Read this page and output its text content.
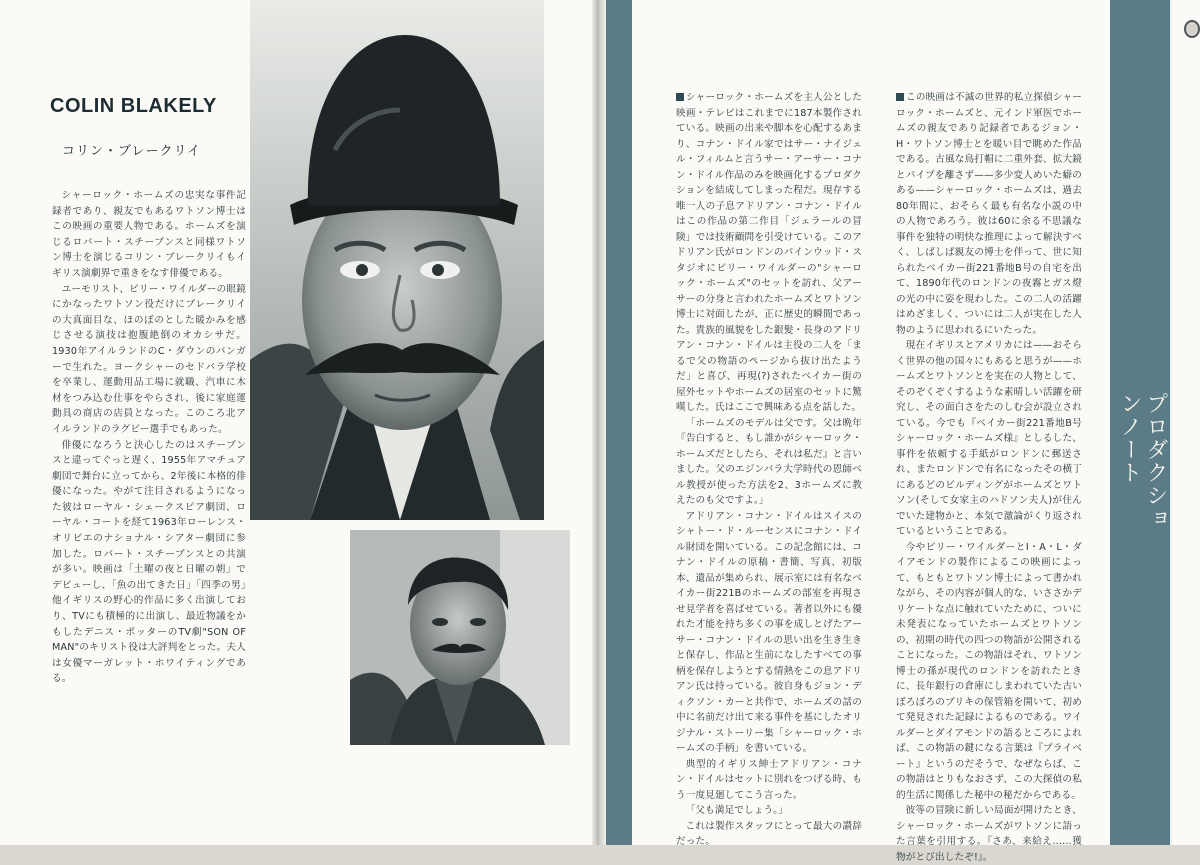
COLIN BLAKELY
コリン・ブレークリイ

シャーロック・ホームズの忠実な事件記録者であり、親友でもあるワトソン博士はこの映画の重要人物である。ホームズを演じるロバート・スチーブンスと同様ワトソン博士を演じるコリン・ブレークリイもイギリス演劇界で重きをなす俳優である。

ユーモリスト、ビリー・ワイルダーの眼鏡にかなったワトソン役だけにブレークリイの大真面目な、ほのぼのとした暖かみを感じさせる演技は抱腹絶倒のオカシサだ。1930年アイルランドのC・ダウンのバンガーで生れた。ヨークシャーのセドバラ学校を卒業し、運動用品工場に就職、汽車に木材をつみ込む仕事をやらされ、後に家庭運動具の商店の店員となった。このころ北アイルランドのラグビー選手でもあった。

俳優になろうと決心したのはスチーブンスと違ってぐっと遅く、1955年アマチュア劇団で舞台に立ってから、2年後に本格的俳優になった。やがて注目されるようになった彼はローヤル・シェークスピア劇団、ローヤル・コートを経て1963年ローレンス・オリビエのナショナル・シアター劇団に参加した。ロバート・スチーブンスとの共演が多い。映画は「土曜の夜と日曜の朝」でデビューし、「魚の出てきた日」「四季の男」他イギリスの野心的作品に多く出演しており、TVにも積極的に出演し、最近物議をかもしたデニス・ポッターのTV劇"SON OF MAN"のキリスト役は大評判をとった。夫人は女優マーガレット・ホワイティングである。

シャーロック・ホームズを主人公とした映画・テレビはこれまでに187本製作されている。映画の出来や脚本を心配するあまり、コナン・ドイル家ではサー・ナイジェル・フィルムと言うサー・アーサー・コナン・ドイル作品のみを映画化するプロダクションを結成してしまった程だ。現存する唯一人の子息アドリアン・コナン・ドイルはこの作品の第二作目「ジェラールの冒険」では技術顧問を引受けている。このアドリアン氏がロンドンのパインウッド・スタジオにビリー・ワイルダーの"シャーロック・ホームズ"のセットを訪れ、父アーサーの分身と言われたホームズとワトソン博士に対面したが、正に歴史的瞬間であった。貴族的風貌をした銀髪・長身のアドリアン・コナン・ドイルは主役の二人を「まるで父の物語のページから抜け出たようだ」と喜び、再現(?)されたベイカー街の屋外セットやホームズの居室のセットに驚嘆した。氏はここで興味ある点を話した。

「ホームズのモデルは父です。父は晩年『告白すると、もし誰かがシャーロック・ホームズだとしたら、それは私だ』と言いました。父のエジンバラ大学時代の恩師ベル教授が使った方法を2、3ホームズに教えたのも父ですよ。」

アドリアン・コナン・ドイルはスイスのシャトー・ド・ルーセンスにコナン・ドイル財団を開いている。この記念館には、コナン・ドイルの原稿・書簡、写真、初版本、遺品が集められ、展示室には有名なベイカー街221Bのホームズの部室を再現させ見学者を喜ばせている。著者以外にも優れた才能を持ち多くの事を成しとげたアーサー・コナン・ドイルの思い出を生き生きと保存し、作品と生前になしたすべての事柄を保存しようとする情熱をこの息アドリアン氏は持っている。彼自身もジョン・ディクソン・カーと共作で、ホームズの話の中に名前だけ出て来る事件を基にしたオリジナル・ストーリー集「シャーロック・ホームズの手柄」を書いている。

典型的イギリス紳士アドリアン・コナン・ドイルはセットに別れをつげる時、もう一度見廻してこう言った。

「父も満足でしょう。」

これは製作スタッフにとって最大の讃辞だった。

この映画は不滅の世界的私立探偵シャーロック・ホームズと、元インド軍医でホームズの親友であり記録者であるジョン・H・ワトソン博士とを暖い目で眺めた作品である。古風な鳥打帽に二重外套、拡大鏡とパイプを離さず——多少変人めいた癖のある——シャーロック・ホームズは、過去80年間に、おそらく最も有名な小説の中の人物であろう。彼は60に余る不思議な事件を独特の明快な推理によって解決すべく、しばしば親友の博士を伴って、世に知られたベイカー街221番地B号の自宅を出て、1890年代のロンドンの夜霧とガス燈の光の中に姿を現わした。この二人の活躍はめざましく、ついには二人が実在した人物のように思われるにいたった。

現在イギリスとアメリカには——おそらく世界の他の国々にもあると思うが——ホームズとワトソンとを実在の人物として、そのぞくぞくするような素晴しい活躍を研究し、その面白さをたのしむ会が設立されている。今でも『ベイカー街221番地B号シャーロック・ホームズ様』としるした、事件を依頼する手紙がロンドンに郵送され、またロンドンで有名になったその横丁にあるどのビルディングがホームズとワトソン(そして女家主のハドソン夫人)が住んでいた建物かと、本気で激論がくり返されているということである。

今やビリー・ワイルダーとI・A・L・ダイアモンドの製作によるこの映画によって、もともとワトソン博士によって書かれながら、その内容が個人的な、いささかデリケートな点に触れていたために、ついに未発表になっていたホームズとワトソンの、初期の時代の四つの物語が公開されることになった。この物語はそれ、ワトソン博士の孫が現代のロンドンを訪れたときに、長年銀行の倉庫にしまわれていた古いぼろぼろのブリキの保管箱を開いて、初めて発見された記録によるものである。ワイルダーとダイアモンドの語るところによれば、この物語の鍵になる言葉は『プライベート』というのだそうで、なぜならば、この物語はとりもなおさず、この大探偵の私的生活に関係した秘中の秘だからである。

彼等の冒険に新しい局面が開けたとき、シャーロック・ホームズがワトソンに語った言葉を引用する。『さあ、来給え……獲物がとび出したぞ!』。

プロダクションノート
